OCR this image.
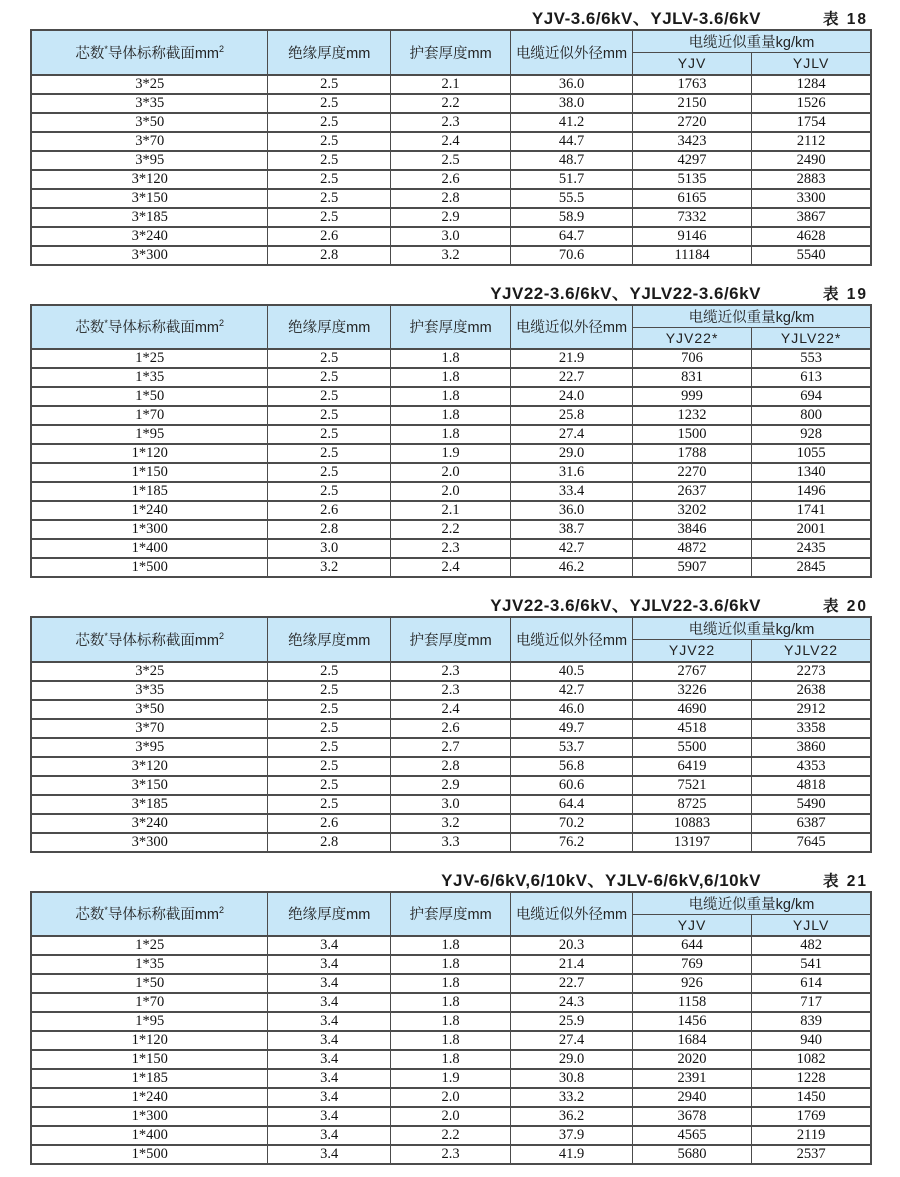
YJV-3.6/6kV、YJLV-3.6/6kV	表 18
芯数*导体标称截面$mm^2$	绝缘厚度mm	护套厚度mm	电缆近似外径mm	电缆近似重量kg/km	
				YJV	YJLV
3*25	2.5	2.1	36.0	1763	1284
3*35	2.5	2.2	38.0	2150	1526
3*50	2.5	2.3	41.2	2720	1754
3*70	2.5	2.4	44.7	3423	2112
3*95	2.5	2.5	48.7	4297	2490
3*120	2.5	2.6	51.7	5135	2883
3*150	2.5	2.8	55.5	6165	3300
3*185	2.5	2.9	58.9	7332	3867
3*240	2.6	3.0	64.7	9146	4628
3*300	2.8	3.2	70.6	11184	5540
YJV22-3.6/6kV、YJLV22-3.6/6kV	表 19
芯数*导体标称截面$mm^2$	绝缘厚度mm	护套厚度mm	电缆近似外径mm	电缆近似重量kg/km	
				YJV22*	YJLV22*
1*25	2.5	1.8	21.9	706	553
1*35	2.5	1.8	22.7	831	613
1*50	2.5	1.8	24.0	999	694
1*70	2.5	1.8	25.8	1232	800
1*95	2.5	1.8	27.4	1500	928
1*120	2.5	1.9	29.0	1788	1055
1*150	2.5	2.0	31.6	2270	1340
1*185	2.5	2.0	33.4	2637	1496
1*240	2.6	2.1	36.0	3202	1741
1*300	2.8	2.2	38.7	3846	2001
1*400	3.0	2.3	42.7	4872	2435
1*500	3.2	2.4	46.2	5907	2845
YJV22-3.6/6kV、YJLV22-3.6/6kV	表 20
芯数*导体标称截面$mm^2$	绝缘厚度mm	护套厚度mm	电缆近似外径mm	电缆近似重量kg/km	
				YJV22	YJLV22
3*25	2.5	2.3	40.5	2767	2273
3*35	2.5	2.3	42.7	3226	2638
3*50	2.5	2.4	46.0	4690	2912
3*70	2.5	2.6	49.7	4518	3358
3*95	2.5	2.7	53.7	5500	3860
3*120	2.5	2.8	56.8	6419	4353
3*150	2.5	2.9	60.6	7521	4818
3*185	2.5	3.0	64.4	8725	5490
3*240	2.6	3.2	70.2	10883	6387
3*300	2.8	3.3	76.2	13197	7645
YJV-6/6kV,6/10kV、YJLV-6/6kV,6/10kV	表 21
芯数*导体标称截面$mm^2$	绝缘厚度mm	护套厚度mm	电缆近似外径mm	电缆近似重量kg/km	
				YJV	YJLV
1*25	3.4	1.8	20.3	644	482
1*35	3.4	1.8	21.4	769	541
1*50	3.4	1.8	22.7	926	614
1*70	3.4	1.8	24.3	1158	717
1*95	3.4	1.8	25.9	1456	839
1*120	3.4	1.8	27.4	1684	940
1*150	3.4	1.8	29.0	2020	1082
1*185	3.4	1.9	30.8	2391	1228
1*240	3.4	2.0	33.2	2940	1450
1*300	3.4	2.0	36.2	3678	1769
1*400	3.4	2.2	37.9	4565	2119
1*500	3.4	2.3	41.9	5680	2537
